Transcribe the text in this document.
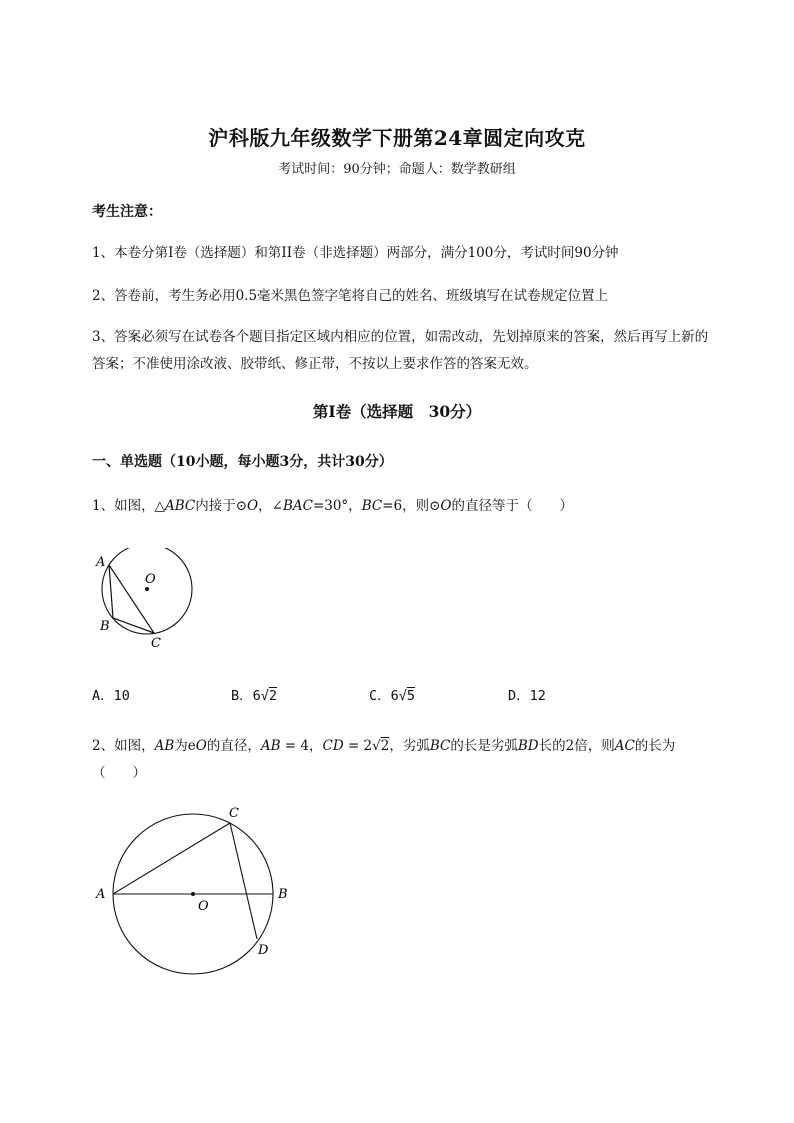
沪科版九年级数学下册第24章圆定向攻克
考试时间：90分钟；命题人：数学教研组
考生注意：
1、本卷分第I卷（选择题）和第II卷（非选择题）两部分，满分100分，考试时间90分钟
2、答卷前，考生务必用0.5毫米黑色签字笔将自己的姓名、班级填写在试卷规定位置上
3、答案必须写在试卷各个题目指定区域内相应的位置，如需改动，先划掉原来的答案，然后再写上新的答案；不准使用涂改液、胶带纸、修正带，不按以上要求作答的答案无效。
第I卷（选择题　30分）
一、单选题（10小题，每小题3分，共计30分）
1、如图，△ABC内接于⊙O，∠BAC=30°，BC=6，则⊙O的直径等于（　　）
A
B
C
O
A．10	B．6√2	C．6√5	D．12
2、如图，AB为eO的直径，AB = 4，CD = 2√2，劣弧BC的长是劣弧BD长的2倍，则AC的长为
（　　）
A	B
C
D
O
